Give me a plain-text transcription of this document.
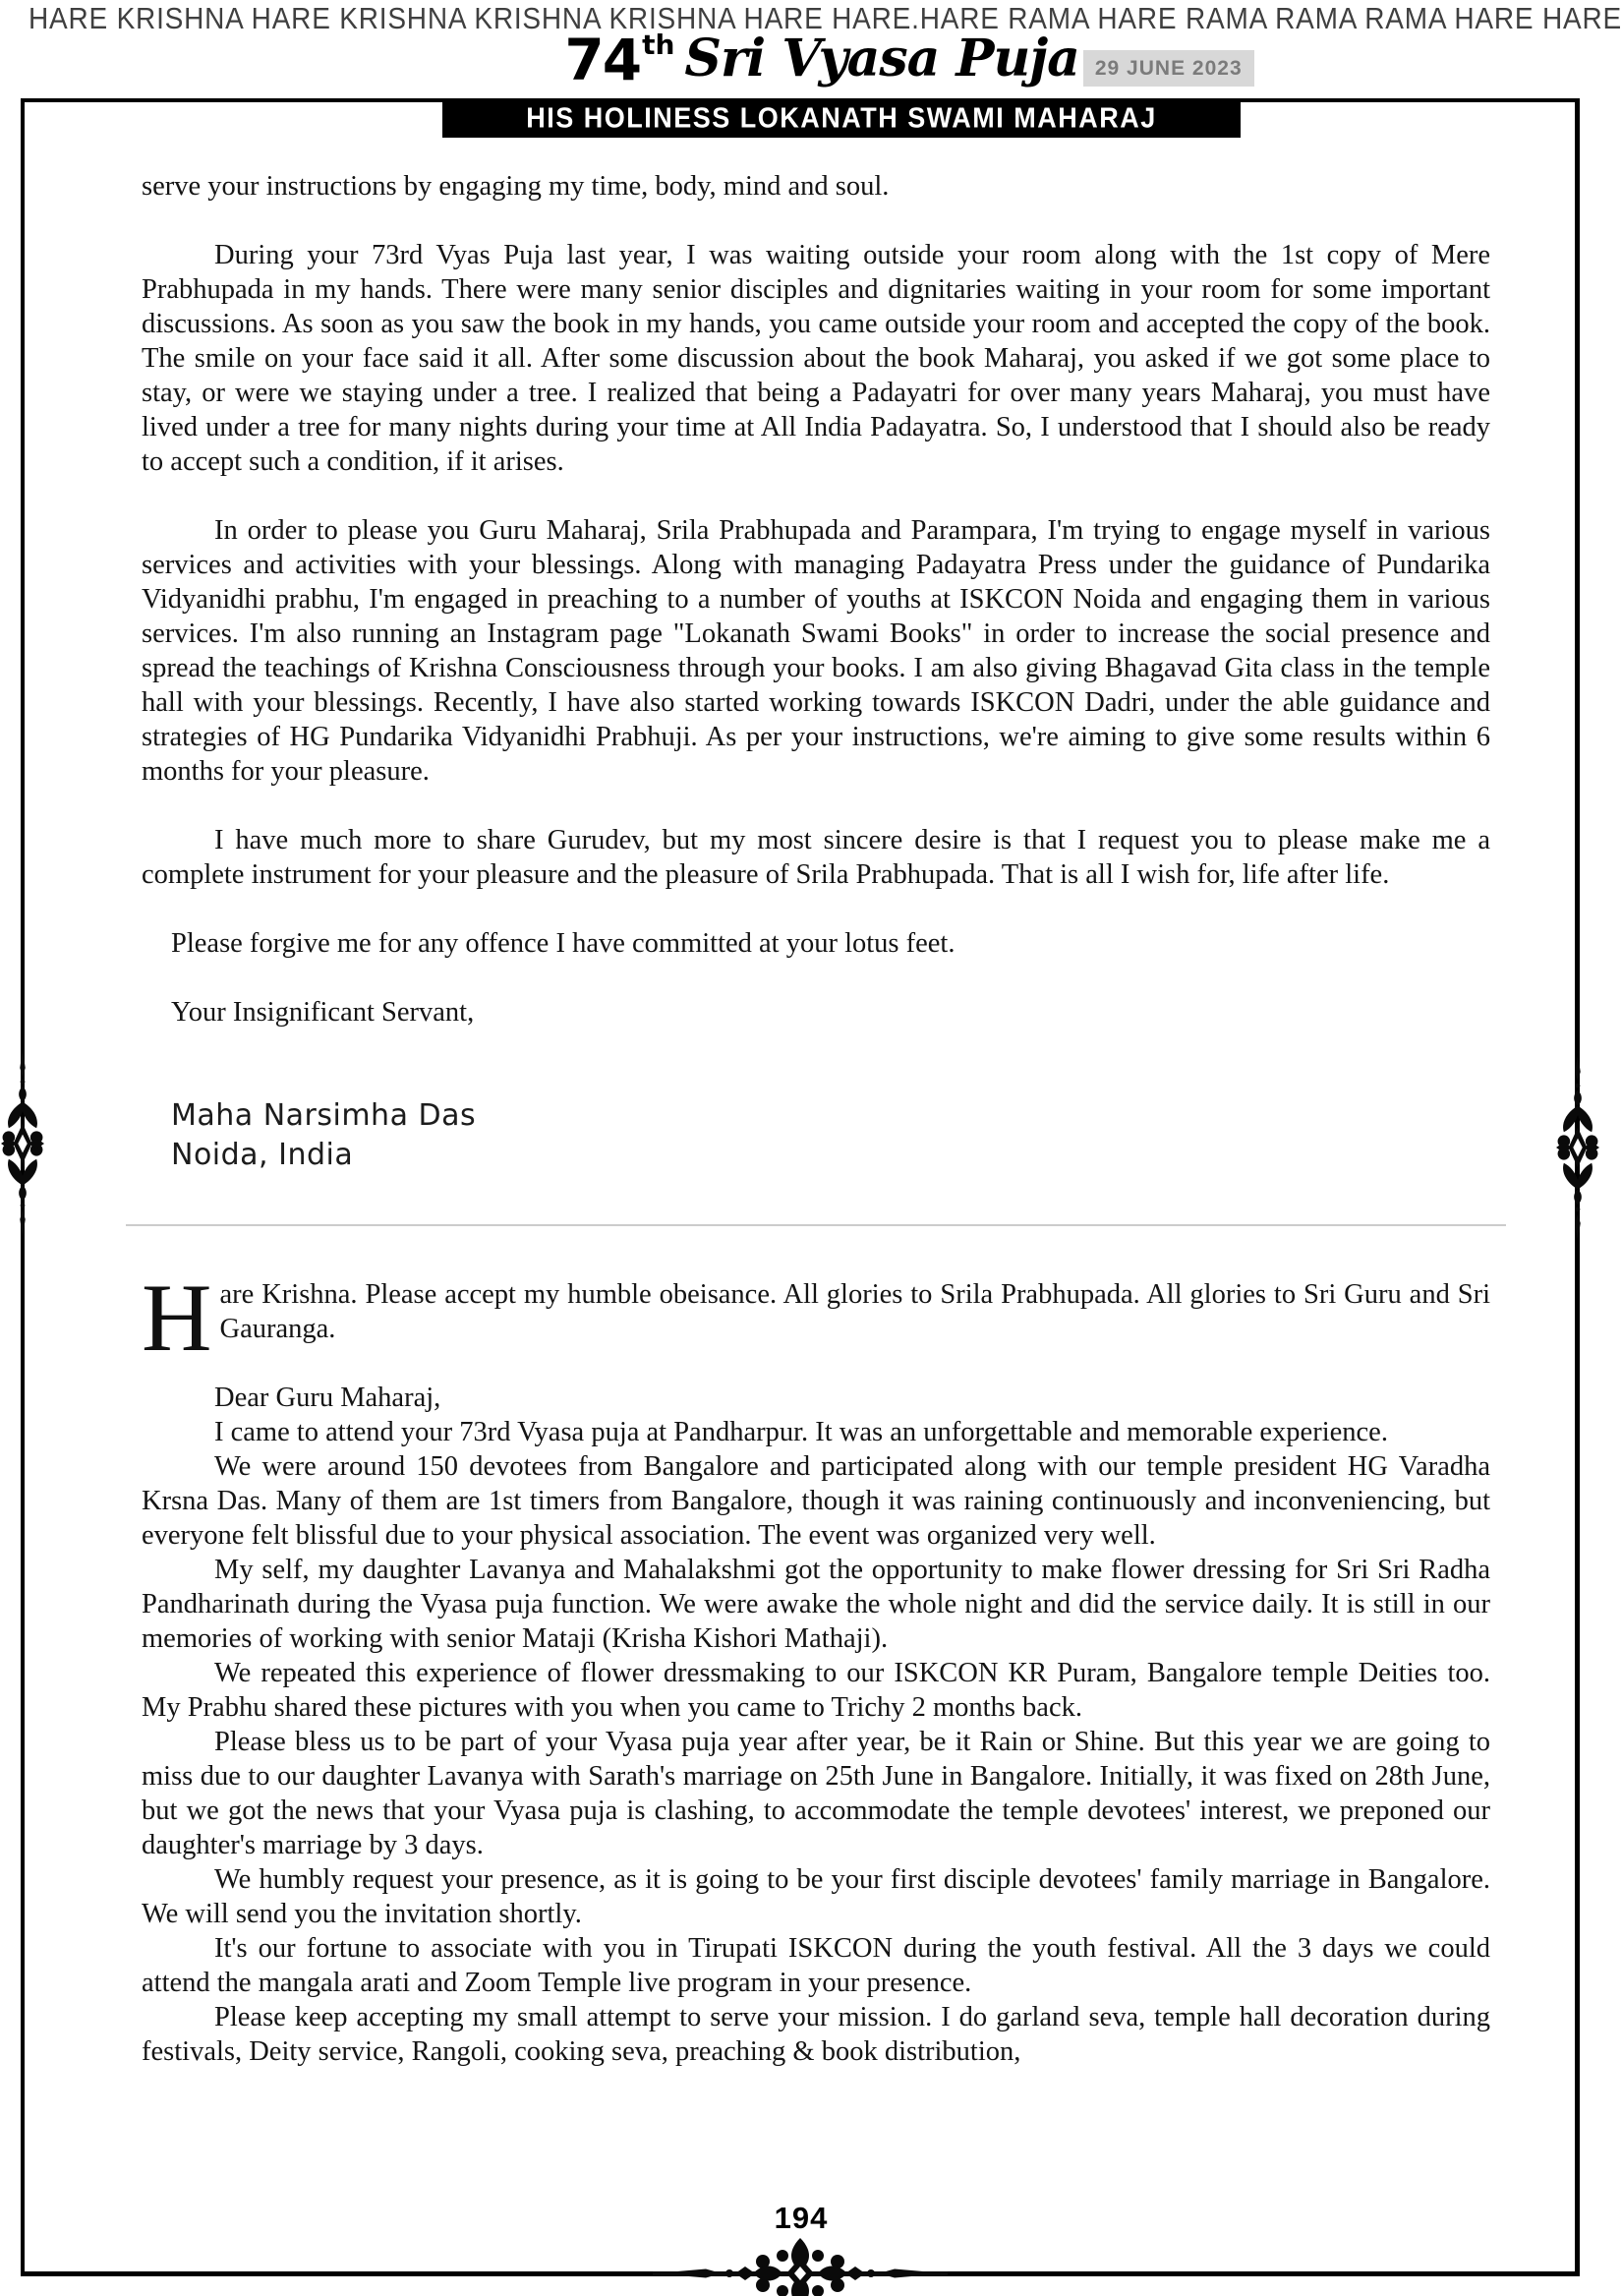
HARE KRISHNA HARE KRISHNA KRISHNA KRISHNA HARE HARE. HARE RAMA HARE RAMA RAMA RAMA HARE HARE
74 th Sri Vyasa Puja 29 JUNE 2023
HIS HOLINESS LOKANATH SWAMI MAHARAJ
serve your instructions by engaging my time, body, mind and soul.
During your 73rd Vyas Puja last year, I was waiting outside your room along with the 1st copy of Mere Prabhupada in my hands. There were many senior disciples and dignitaries waiting in your room for some important discussions. As soon as you saw the book in my hands, you came outside your room and accepted the copy of the book. The smile on your face said it all. After some discussion about the book Maharaj, you asked if we got some place to stay, or were we staying under a tree. I realized that being a Padayatri for over many years Maharaj, you must have lived under a tree for many nights during your time at All India Padayatra. So, I understood that I should also be ready to accept such a condition, if it arises.
In order to please you Guru Maharaj, Srila Prabhupada and Parampara, I'm trying to engage myself in various services and activities with your blessings. Along with managing Padayatra Press under the guidance of Pundarika Vidyanidhi prabhu, I'm engaged in preaching to a number of youths at ISKCON Noida and engaging them in various services. I'm also running an Instagram page "Lokanath Swami Books" in order to increase the social presence and spread the teachings of Krishna Consciousness through your books. I am also giving Bhagavad Gita class in the temple hall with your blessings. Recently, I have also started working towards ISKCON Dadri, under the able guidance and strategies of HG Pundarika Vidyanidhi Prabhuji. As per your instructions, we're aiming to give some results within 6 months for your pleasure.
I have much more to share Gurudev, but my most sincere desire is that I request you to please make me a complete instrument for your pleasure and the pleasure of Srila Prabhupada. That is all I wish for, life after life.
Please forgive me for any offence I have committed at your lotus feet.
Your Insignificant Servant,
Maha Narsimha Das
Noida, India
Hare Krishna. Please accept my humble obeisance. All glories to Srila Prabhupada. All glories to Sri Guru and Sri Gauranga.
Dear Guru Maharaj,
I came to attend your 73rd Vyasa puja at Pandharpur. It was an unforgettable and memorable experience.
We were around 150 devotees from Bangalore and participated along with our temple president HG Varadha Krsna Das. Many of them are 1st timers from Bangalore, though it was raining continuously and inconveniencing, but everyone felt blissful due to your physical association. The event was organized very well.
My self, my daughter Lavanya and Mahalakshmi got the opportunity to make flower dressing for Sri Sri Radha Pandharinath during the Vyasa puja function. We were awake the whole night and did the service daily. It is still in our memories of working with senior Mataji (Krisha Kishori Mathaji).
We repeated this experience of flower dressmaking to our ISKCON KR Puram, Bangalore temple Deities too. My Prabhu shared these pictures with you when you came to Trichy 2 months back.
Please bless us to be part of your Vyasa puja year after year, be it Rain or Shine. But this year we are going to miss due to our daughter Lavanya with Sarath's marriage on 25th June in Bangalore. Initially, it was fixed on 28th June, but we got the news that your Vyasa puja is clashing, to accommodate the temple devotees' interest, we preponed our daughter's marriage by 3 days.
We humbly request your presence, as it is going to be your first disciple devotees' family marriage in Bangalore. We will send you the invitation shortly.
It's our fortune to associate with you in Tirupati ISKCON during the youth festival. All the 3 days we could attend the mangala arati and Zoom Temple live program in your presence.
Please keep accepting my small attempt to serve your mission. I do garland seva, temple hall decoration during festivals, Deity service, Rangoli, cooking seva, preaching & book distribution,
194
